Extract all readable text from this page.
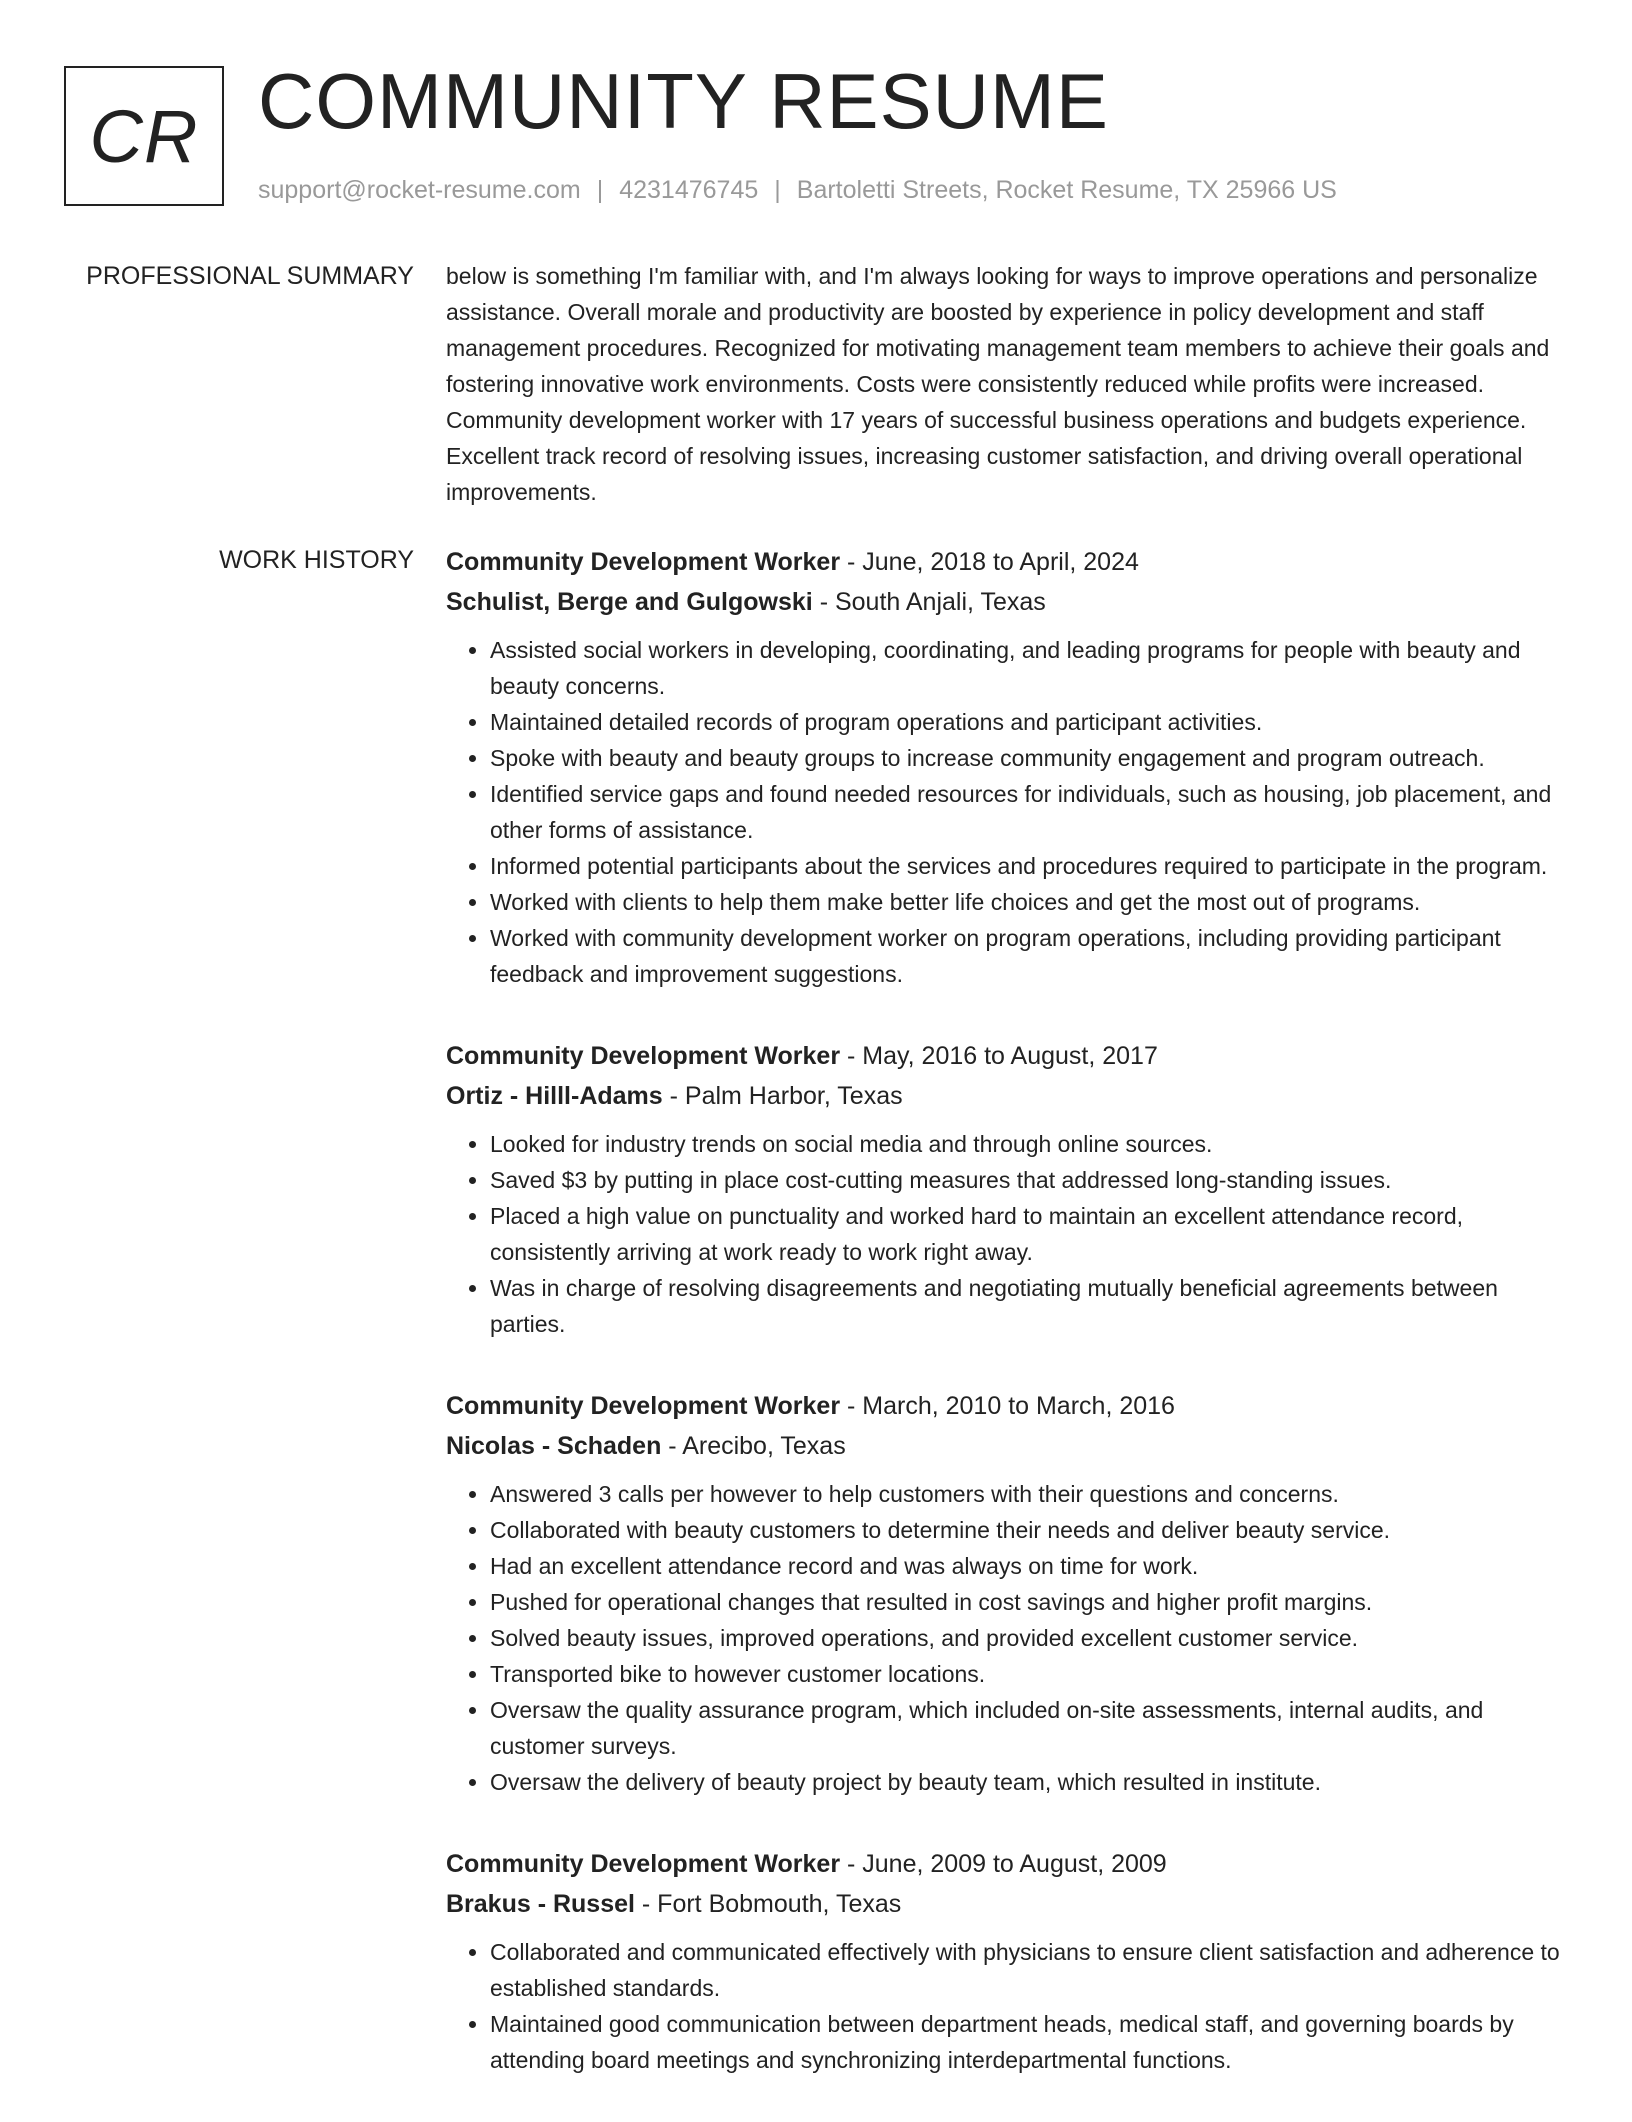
CR COMMUNITY RESUME
support@rocket-resume.com | 4231476745 | Bartoletti Streets, Rocket Resume, TX 25966 US
PROFESSIONAL SUMMARY below is something I'm familiar with, and I'm always looking for ways to improve operations and personalize assistance. Overall morale and productivity are boosted by experience in policy development and staff management procedures. Recognized for motivating management team members to achieve their goals and fostering innovative work environments. Costs were consistently reduced while profits were increased. Community development worker with 17 years of successful business operations and budgets experience. Excellent track record of resolving issues, increasing customer satisfaction, and driving overall operational improvements.

WORK HISTORY Community Development Worker - June, 2018 to April, 2024
Schulist, Berge and Gulgowski - South Anjali, Texas
• Assisted social workers in developing, coordinating, and leading programs for people with beauty and beauty concerns.
• Maintained detailed records of program operations and participant activities.
• Spoke with beauty and beauty groups to increase community engagement and program outreach.
• Identified service gaps and found needed resources for individuals, such as housing, job placement, and other forms of assistance.
• Informed potential participants about the services and procedures required to participate in the program.
• Worked with clients to help them make better life choices and get the most out of programs.
• Worked with community development worker on program operations, including providing participant feedback and improvement suggestions.
Community Development Worker - May, 2016 to August, 2017
Ortiz - Hilll-Adams - Palm Harbor, Texas
• Looked for industry trends on social media and through online sources.
• Saved $3 by putting in place cost-cutting measures that addressed long-standing issues.
• Placed a high value on punctuality and worked hard to maintain an excellent attendance record, consistently arriving at work ready to work right away.
• Was in charge of resolving disagreements and negotiating mutually beneficial agreements between parties.
Community Development Worker - March, 2010 to March, 2016
Nicolas - Schaden - Arecibo, Texas
• Answered 3 calls per however to help customers with their questions and concerns.
• Collaborated with beauty customers to determine their needs and deliver beauty service.
• Had an excellent attendance record and was always on time for work.
• Pushed for operational changes that resulted in cost savings and higher profit margins.
• Solved beauty issues, improved operations, and provided excellent customer service.
• Transported bike to however customer locations.
• Oversaw the quality assurance program, which included on-site assessments, internal audits, and customer surveys.
• Oversaw the delivery of beauty project by beauty team, which resulted in institute.
Community Development Worker - June, 2009 to August, 2009
Brakus - Russel - Fort Bobmouth, Texas
• Collaborated and communicated effectively with physicians to ensure client satisfaction and adherence to established standards.
• Maintained good communication between department heads, medical staff, and governing boards by attending board meetings and synchronizing interdepartmental functions.
